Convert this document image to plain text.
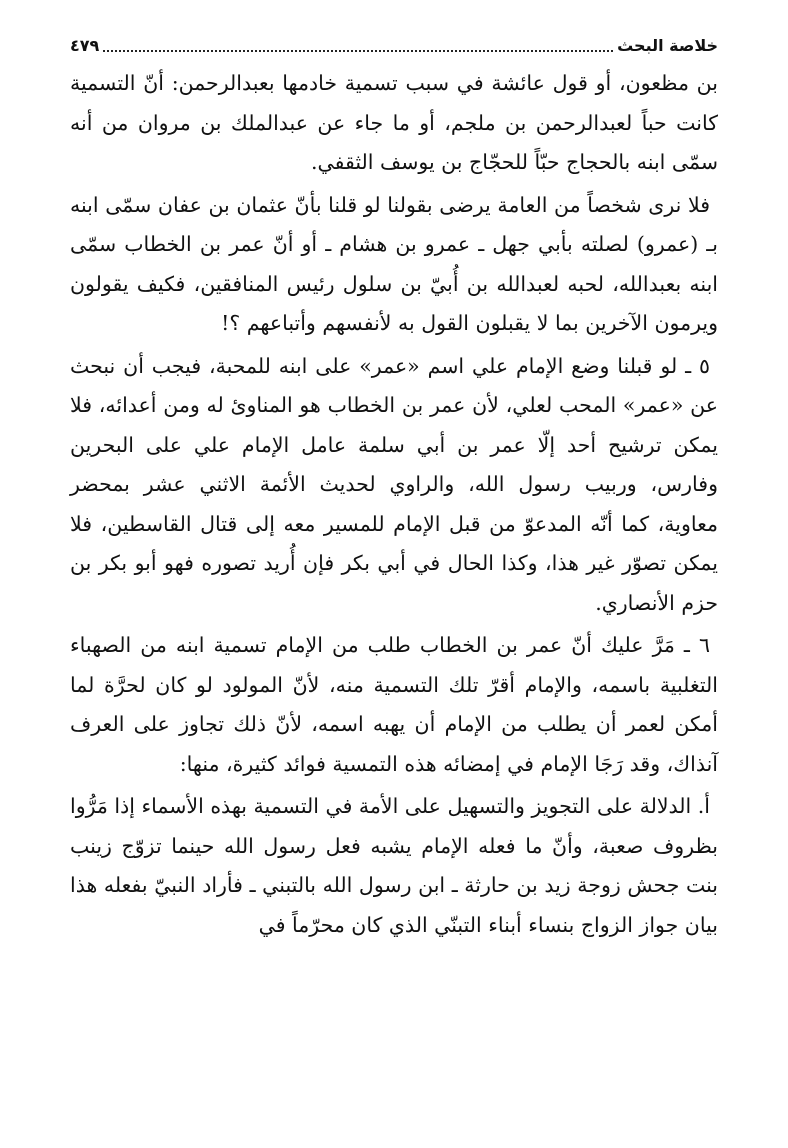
خلاصة البحث
٤٧٩

بن مظعون، أو قول عائشة في سبب تسمية خادمها بعبدالرحمن: أنّ التسمية كانت حباً لعبدالرحمن بن ملجم، أو ما جاء عن عبدالملك بن مروان من أنه سمّى ابنه بالحجاج حبّاً للحجّاج بن يوسف الثقفي.

فلا نرى شخصاً من العامة يرضى بقولنا لو قلنا بأنّ عثمان بن عفان سمّى ابنه بـ (عمرو) لصلته بأبي جهل ـ عمرو بن هشام ـ أو أنّ عمر بن الخطاب سمّى ابنه بعبدالله، لحبه لعبدالله بن أُبيّ بن سلول رئيس المنافقين، فكيف يقولون ويرمون الآخرين بما لا يقبلون القول به لأنفسهم وأتباعهم ؟!

٥ ـ لو قبلنا وضع الإمام علي اسم «عمر» على ابنه للمحبة، فيجب أن نبحث عن «عمر» المحب لعلي، لأن عمر بن الخطاب هو المناوئ له ومن أعدائه، فلا يمكن ترشيح أحد إلّا عمر بن أبي سلمة عامل الإمام علي على البحرين وفارس، وربيب رسول الله، والراوي لحديث الأئمة الاثني عشر بمحضر معاوية، كما أنّه المدعوّ من قبل الإمام للمسير معه إلى قتال القاسطين، فلا يمكن تصوّر غير هذا، وكذا الحال في أبي بكر فإن أُريد تصوره فهو أبو بكر بن حزم الأنصاري.

٦ ـ مَرَّ عليك أنّ عمر بن الخطاب طلب من الإمام تسمية ابنه من الصهباء التغلبية باسمه، والإمام أقرّ تلك التسمية منه، لأنّ المولود لو كان لحرَّة لما أمكن لعمر أن يطلب من الإمام أن يهبه اسمه، لأنّ ذلك تجاوز على العرف آنذاك، وقد رَجَا الإمام في إمضائه هذه التمسية فوائد كثيرة، منها:

أ. الدلالة على التجويز والتسهيل على الأمة في التسمية بهذه الأسماء إذا مَرُّوا بظروف صعبة، وأنّ ما فعله الإمام يشبه فعل رسول الله حينما تزوّج زينب بنت جحش زوجة زيد بن حارثة ـ ابن رسول الله بالتبني ـ فأراد النبيّ بفعله هذا بيان جواز الزواج بنساء أبناء التبنّي الذي كان محرّماً في
